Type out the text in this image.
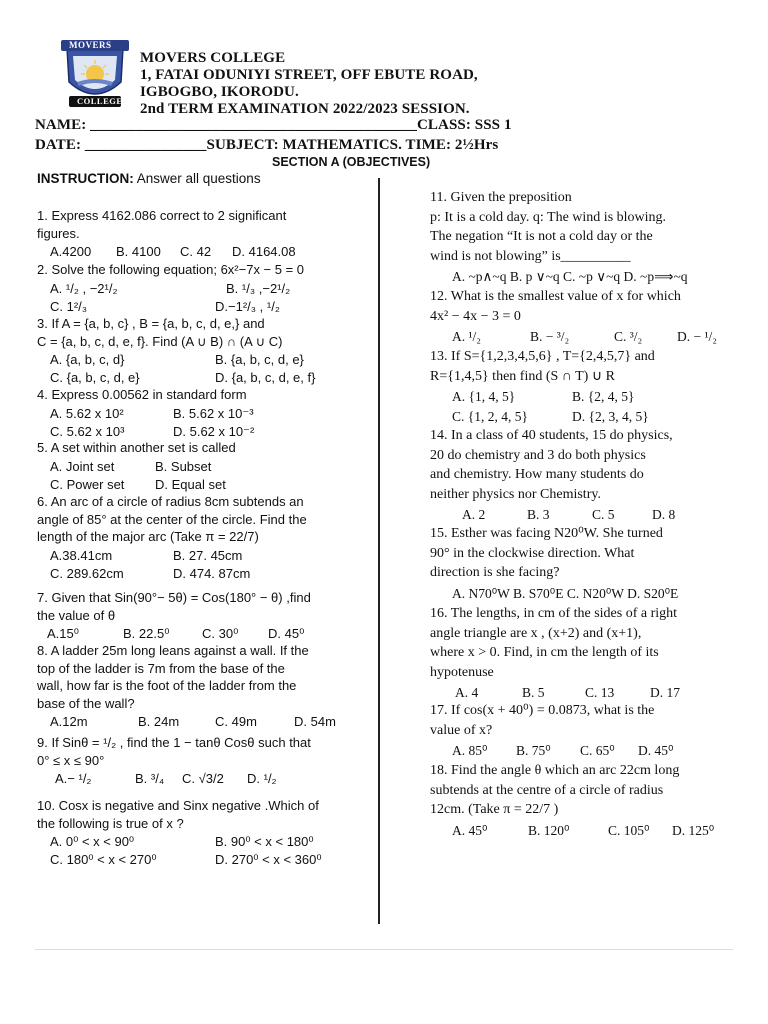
MOVERS
COLLEGE
MOVERS COLLEGE
1, FATAI ODUNIYI STREET, OFF EBUTE ROAD,
IGBOGBO, IKORODU.
2nd TERM EXAMINATION 2022/2023 SESSION.
NAME: ___________________________________________CLASS: SSS 1
DATE: ________________SUBJECT: MATHEMATICS. TIME: 2½Hrs
SECTION A (OBJECTIVES)
INSTRUCTION: Answer all questions
1. Express 4162.086 correct to 2 significant
figures.
A.4200 B. 4100 C. 42 D. 4164.08
2. Solve the following equation; 6x²−7x − 5 = 0
A. ¹/₂ , −2¹/₂	B. ¹/₃ ,−2¹/₂
C. 1²/₃	D.−1²/₃ , ¹/₂
3. If A = {a, b, c} , B = {a, b, c, d, e,} and
C = {a, b, c, d, e, f}. Find (A ∪ B) ∩ (A ∪ C)
A. {a, b, c, d}	B. {a, b, c, d, e}
C. {a, b, c, d, e}	D. {a, b, c, d, e, f}
4. Express 0.00562 in standard form
A. 5.62 x 10²	B. 5.62 x 10⁻³
C. 5.62 x 10³	D. 5.62 x 10⁻²
5. A set within another set is called
A. Joint set	B. Subset
C. Power set D. Equal set
6. An arc of a circle of radius 8cm subtends an
angle of 85° at the center of the circle. Find the
length of the major arc (Take π = 22/7)
A.38.41cm	B. 27. 45cm
C. 289.62cm	D. 474. 87cm
7. Given that Sin(90°− 5θ) = Cos(180° − θ) ,find
the value of θ
A.15⁰	B. 22.5⁰	C. 30⁰ D. 45⁰
8. A ladder 25m long leans against a wall. If the
top of the ladder is 7m from the base of the
wall, how far is the foot of the ladder from the
base of the wall?
A.12m	B. 24m	C. 49m	D. 54m
9. If Sinθ = ¹/₂ , find the 1 − tanθ Cosθ such that
0° ≤ x ≤ 90°
A.− ¹/₂	B. ³/₄ C. √3/2 D. ¹/₂
10. Cosx is negative and Sinx negative .Which of
the following is true of x ?
A. 0⁰ < x < 90⁰	B. 90⁰ < x < 180⁰
C. 180⁰ < x < 270⁰	D. 270⁰ < x < 360⁰
11. Given the preposition
p: It is a cold day. q: The wind is blowing.
The negation “It is not a cold day or the
wind is not blowing” is__________
A. ~p∧~q B. p ∨~q C. ~p ∨~q D. ~p⟹~q
12. What is the smallest value of x for which
4x² − 4x − 3 = 0
A. ¹/₂	B. − ³/₂	C. ³/₂	D. − ¹/₂
13. If S={1,2,3,4,5,6} , T={2,4,5,7} and
R={1,4,5} then find (S ∩ T) ∪ R
A. {1, 4, 5}	B. {2, 4, 5}
C. {1, 2, 4, 5}	D. {2, 3, 4, 5}
14. In a class of 40 students, 15 do physics,
20 do chemistry and 3 do both physics
and chemistry. How many students do
neither physics nor Chemistry.
A. 2	B. 3	C. 5	D. 8
15. Esther was facing N20⁰W. She turned
90° in the clockwise direction. What
direction is she facing?
A. N70⁰W B. S70⁰E C. N20⁰W D. S20⁰E
16. The lengths, in cm of the sides of a right
angle triangle are x , (x+2) and (x+1),
where x > 0. Find, in cm the length of its
hypotenuse
A. 4	B. 5	C. 13	D. 17
17. If cos(x + 40⁰) = 0.0873, what is the
value of x?
A. 85⁰ B. 75⁰ C. 65⁰ D. 45⁰
18. Find the angle θ which an arc 22cm long
subtends at the centre of a circle of radius
12cm. (Take π = 22/7 )
A. 45⁰	B. 120⁰	C. 105⁰ D. 125⁰
